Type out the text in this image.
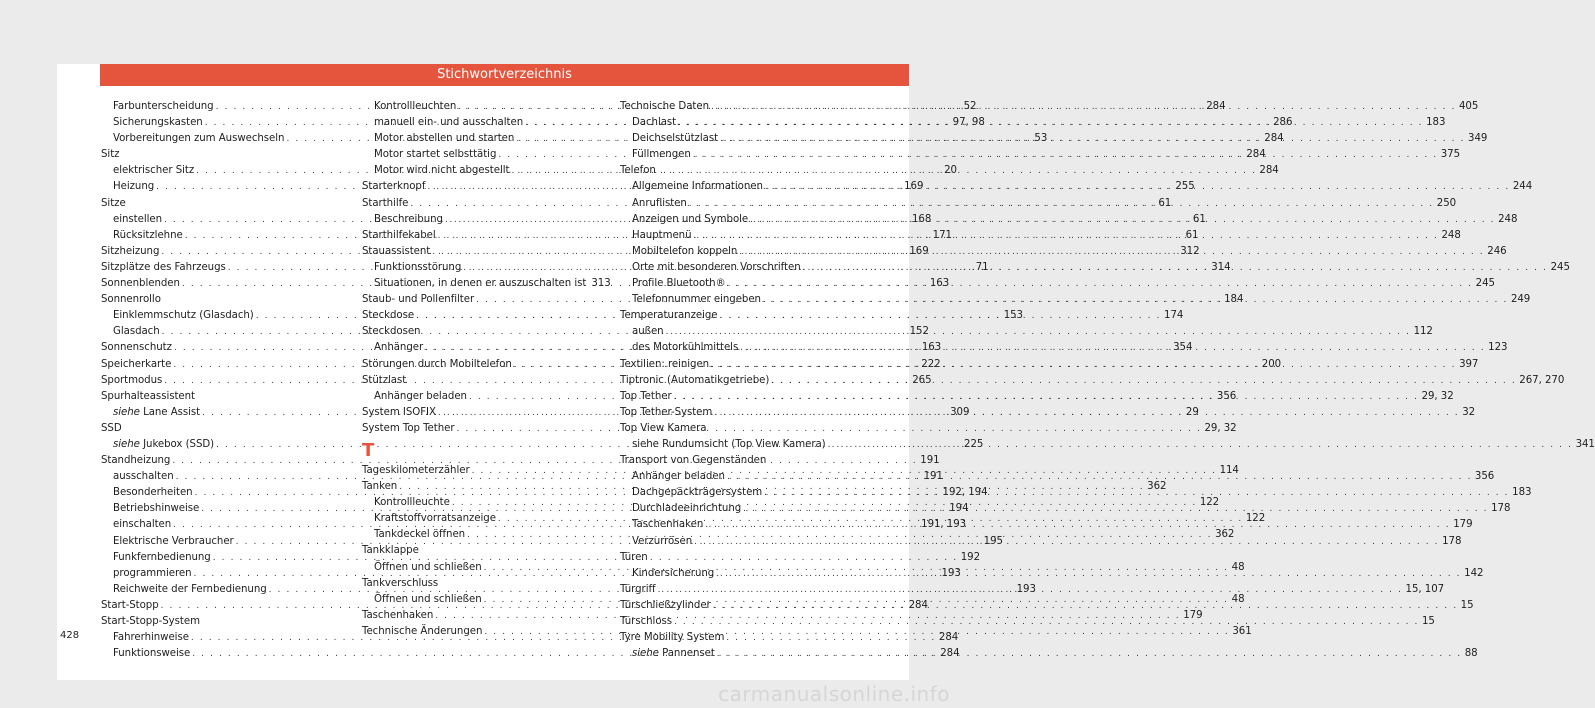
Stichwortverzeichnis
Farbunterscheidung . . .	52
Sicherungskasten . . .	97, 98
Vorbereitungen zum Auswechseln . . .	53
Sitz
elektrischer Sitz . . .	20
Heizung . . .	169
Sitze
einstellen . . .	168
Rücksitzlehne . . .	171
Sitzheizung . . .	169
Sitzplätze des Fahrzeugs . . .	71
Sonnenblenden . . .	163
Sonnenrollo
Einklemmschutz (Glasdach) . . .	153
Glasdach . . .	152
Sonnenschutz . . .	163
Speicherkarte . . .	222
Sportmodus . . .	265
Spurhalteassistent
siehe Lane Assist . . .	309
SSD
siehe Jukebox (SSD) . . .	225
Standheizung . . .	191
ausschalten . . .	191
Besonderheiten . . .	192, 194
Betriebshinweise . . .	194
einschalten . . .	191, 193
Elektrische Verbraucher . . .	195
Funkfernbedienung . . .	192
programmieren . . .	193
Reichweite der Fernbedienung . . .	193
Start-Stopp . . .	284
Start-Stopp-System
Fahrerhinweise . . .	284
Funktionsweise . . .	284
Kontrollleuchten . . .	284
manuell ein- und ausschalten . . .	286
Motor abstellen und starten . . .	284
Motor startet selbsttätig . . .	284
Motor wird nicht abgestellt . . .	284
Starterknopf . . .	255
Starthilfe . . .	61
Beschreibung . . .	61
Starthilfekabel . . .	61
Stauassistent . . .	312
Funktionsstörung . . .	314
Situationen, in denen er auszuschalten ist 313
Staub- und Pollenfilter . . .	184
Steckdose . . .	174
Steckdosen
Anhänger . . .	354
Störungen durch Mobiltelefon . . .	200
Stützlast
Anhänger beladen . . .	356
System ISOFIX . . .	29
System Top Tether . . .	29, 32
T
Tageskilometerzähler . . .	114
Tanken . . .	362
Kontrollleuchte . . .	122
Kraftstoffvorratsanzeige . . .	122
Tankdeckel öffnen . . .	362
Tankklappe
Öffnen und schließen . . .	48
Tankverschluss
Öffnen und schließen . . .	48
Taschenhaken . . .	179
Technische Änderungen . . .	361
Technische Daten . . .	405
Dachlast . . .	183
Deichselstützlast . . .	349
Füllmengen . . .	375
Telefon
Allgemeine Informationen . . .	244
Anruflisten . . .	250
Anzeigen und Symbole . . .	248
Hauptmenü . . .	248
Mobiltelefon koppeln . . .	246
Orte mit besonderen Vorschriften . . .	245
Profile Bluetooth® . . .	245
Telefonnummer eingeben . . .	249
Temperaturanzeige
außen . . .	112
des Motorkühlmittels . . .	123
Textilien: reinigen . . .	397
Tiptronic (Automatikgetriebe) . . .	267, 270
Top Tether . . .	29, 32
Top Tether-System . . .	32
Top View Kamera
siehe Rundumsicht (Top View Kamera) . . .	341
Transport von Gegenständen
Anhänger beladen . . .	356
Dachgepäckträgersystem . . .	183
Durchladeeinrichtung . . .	178
Taschenhaken . . .	179
Verzurrösen . . .	178
Türen
Kindersicherung . . .	142
Türgriff . . .	15, 107
Türschließzylinder . . .	15
Türschloss . . .	15
Tyre Mobility System
siehe Pannenset . . .	88
428
carmanualsonline.info
